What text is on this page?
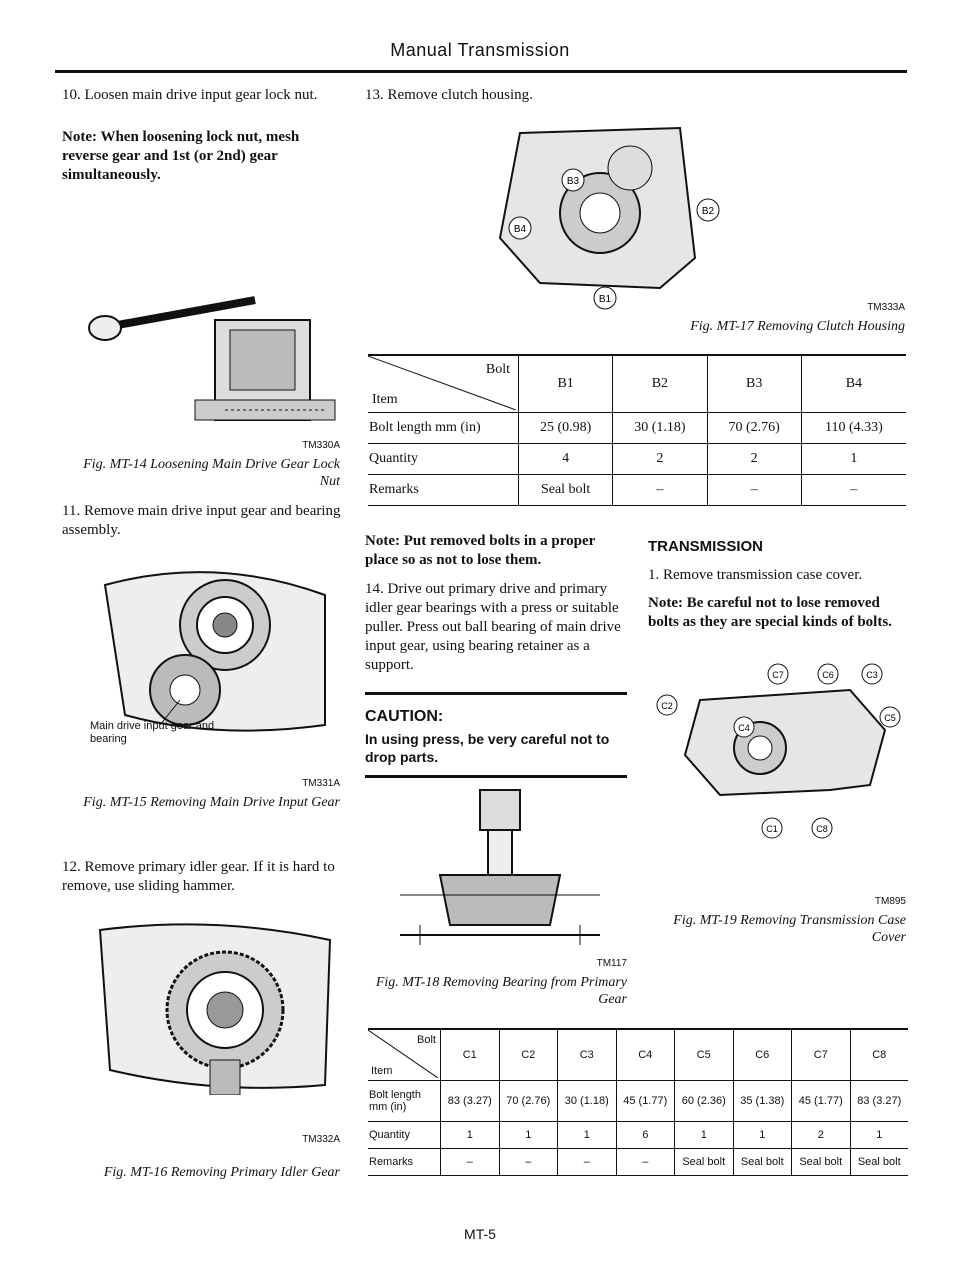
Manual Transmission

10. Loosen main drive input gear lock nut.

Note: When loosening lock nut, mesh reverse gear and 1st (or 2nd) gear simultaneously.

TM330A
Fig. MT-14 Loosening Main Drive Gear Lock Nut

11. Remove main drive input gear and bearing assembly.

Main drive input gear and bearing
TM331A
Fig. MT-15 Removing Main Drive Input Gear

12. Remove primary idler gear. If it is hard to remove, use sliding hammer.

TM332A
Fig. MT-16 Removing Primary Idler Gear

13. Remove clutch housing.

B4
B3
B2
B1
TM333A
Fig. MT-17 Removing Clutch Housing
Bolt
Item	B1	B2	B3	B4
Bolt length mm (in)	25 (0.98)	30 (1.18)	70 (2.76)	110 (4.33)
Quantity	4	2	2	1
Remarks	Seal bolt	–	–	–

Note: Put removed bolts in a proper place so as not to lose them.

14. Drive out primary drive and primary idler gear bearings with a press or suitable puller. Press out ball bearing of main drive input gear, using bearing retainer as a support.

CAUTION:
In using press, be very careful not to drop parts.
TM117
Fig. MT-18 Removing Bearing from Primary Gear
TRANSMISSION

1. Remove transmission case cover.

Note: Be careful not to lose removed bolts as they are special kinds of bolts.

C1
C2
C3
C4
C5
C6
C7
C8
TM895
Fig. MT-19 Removing Transmission Case Cover
Bolt
Item	C1	C2	C3	C4	C5	C6	C7	C8
Bolt length mm (in)	83 (3.27)	70 (2.76)	30 (1.18)	45 (1.77)	60 (2.36)	35 (1.38)	45 (1.77)	83 (3.27)
Quantity	1	1	1	6	1	1	2	1
Remarks	–	–	–	–	Seal bolt	Seal bolt	Seal bolt	Seal bolt
MT-5
